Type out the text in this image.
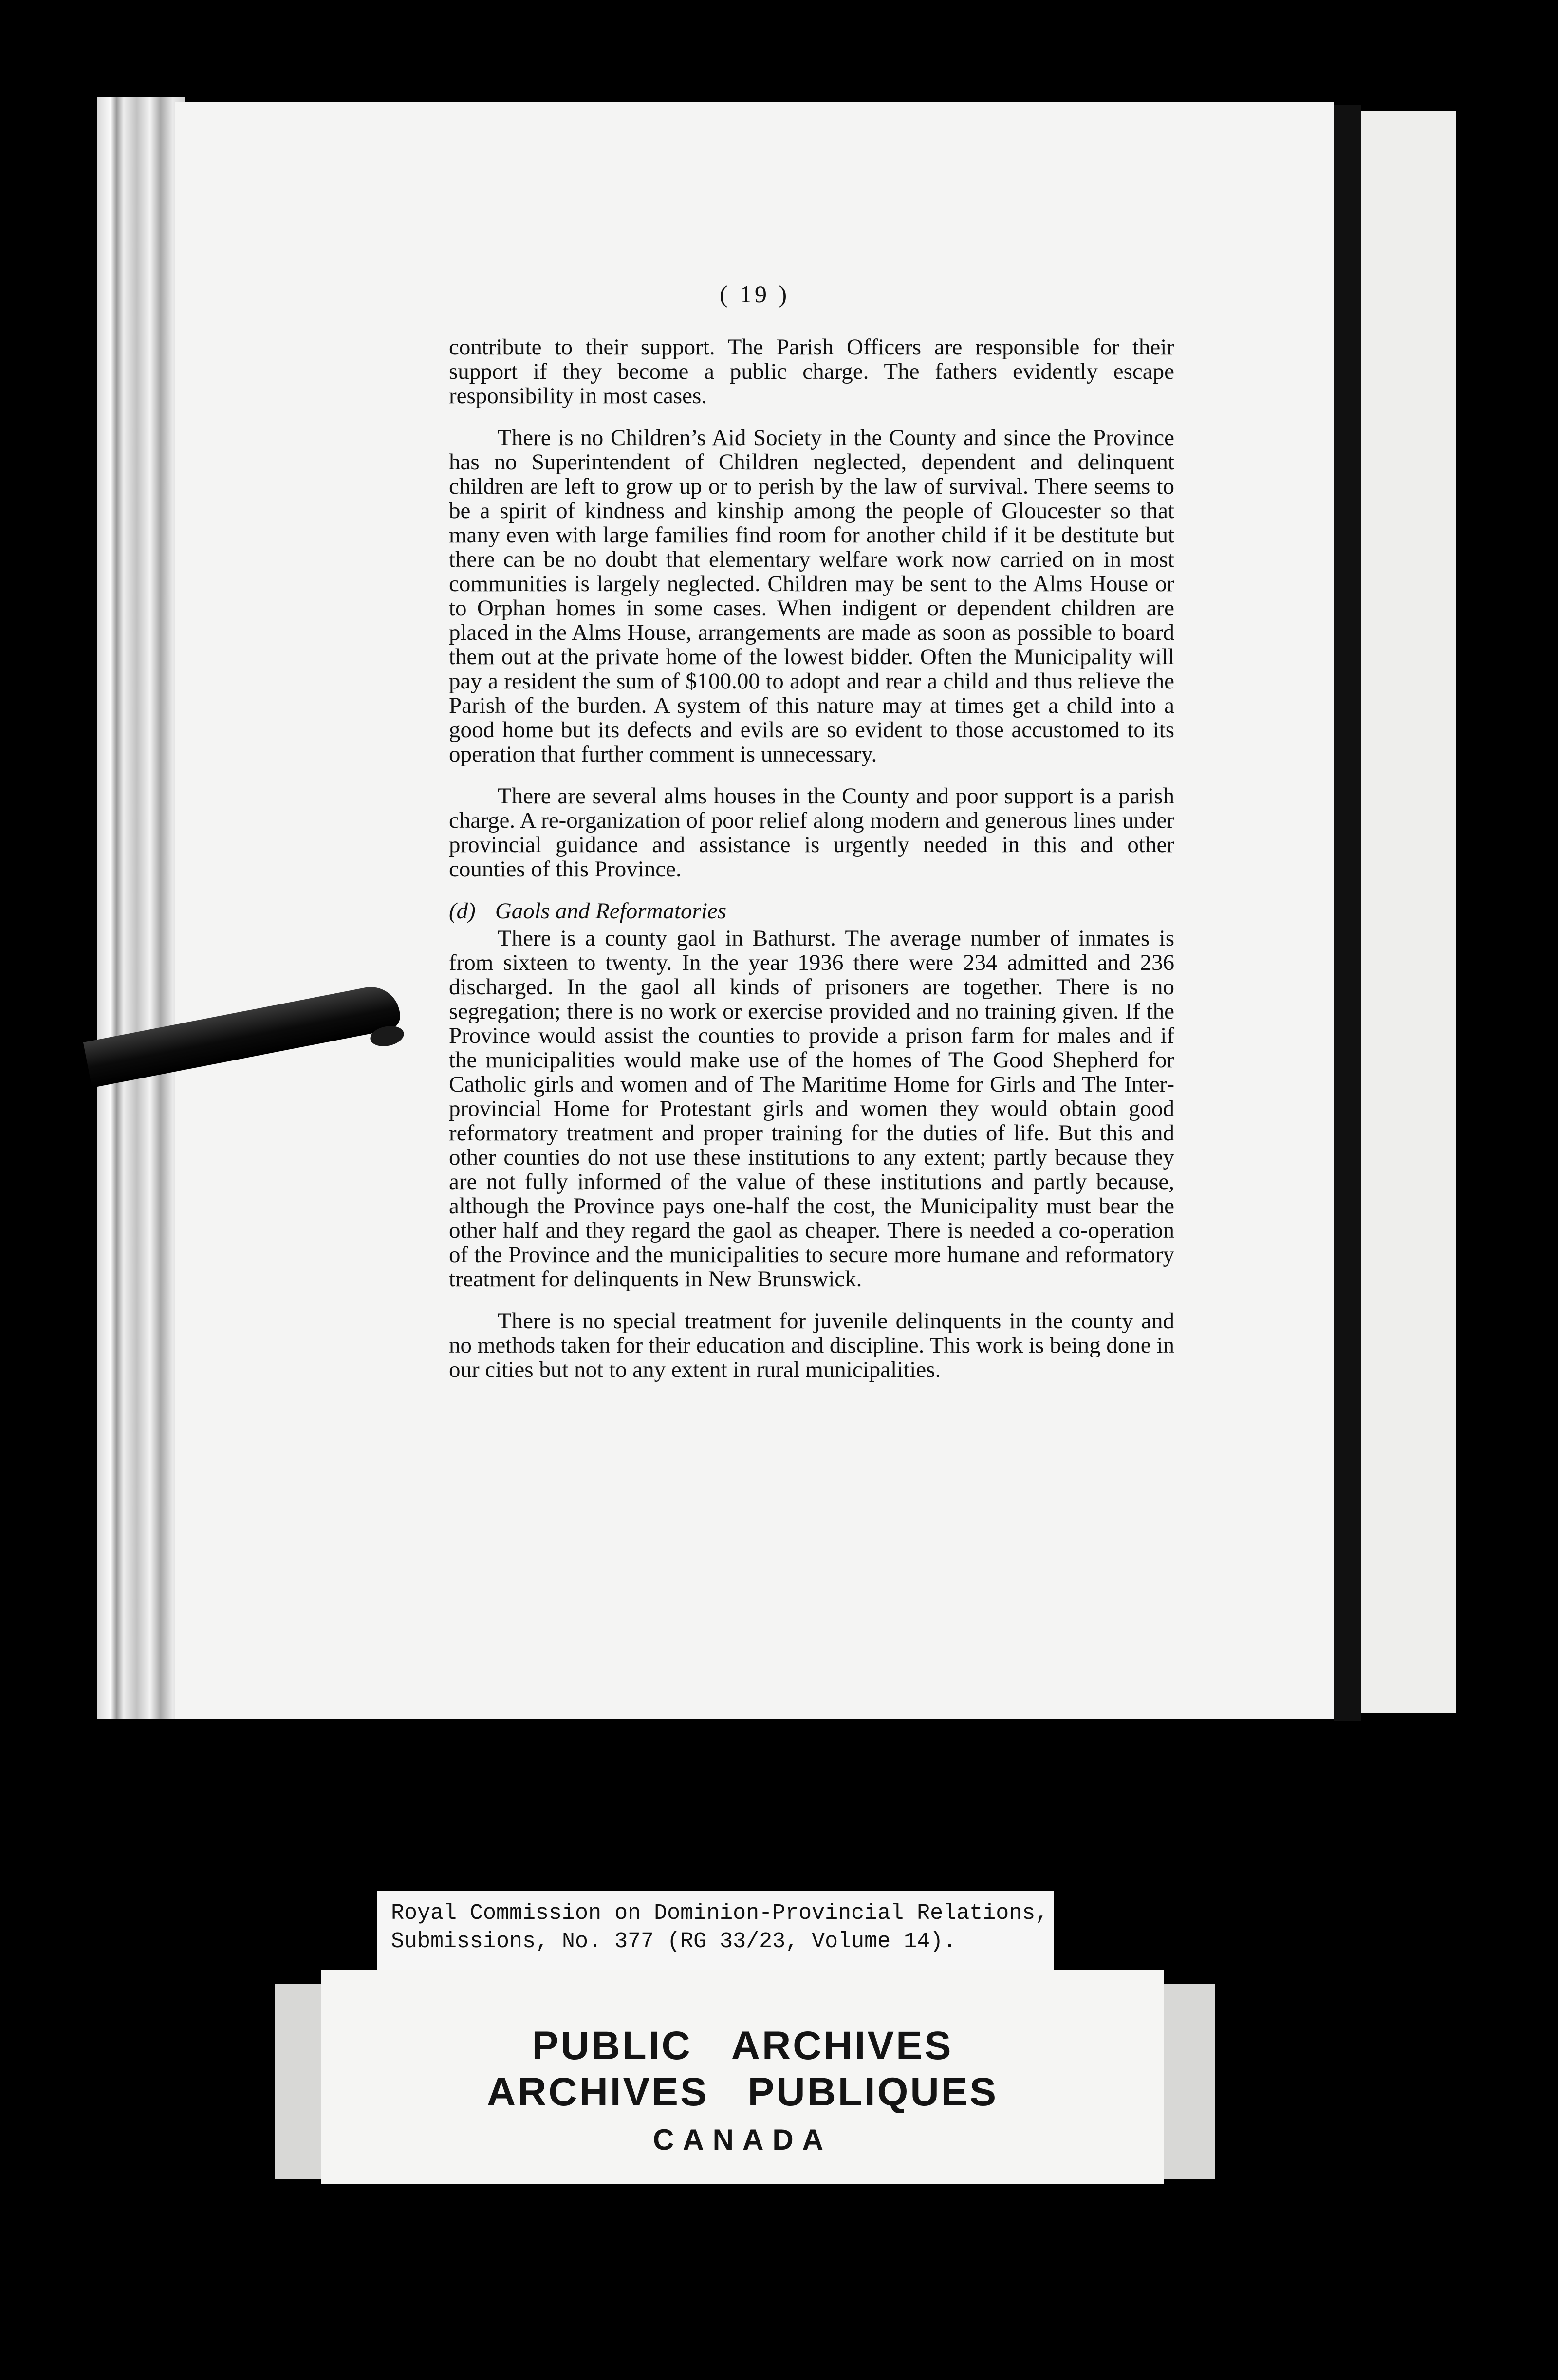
( 19 )

contribute to their support. The Parish Officers are responsible for their support if they become a public charge. The fathers evidently escape responsibility in most cases.

There is no Children’s Aid Society in the County and since the Province has no Superintendent of Children neglected, dependent and delinquent children are left to grow up or to perish by the law of survival. There seems to be a spirit of kindness and kinship among the people of Gloucester so that many even with large families find room for another child if it be destitute but there can be no doubt that elementary welfare work now carried on in most communities is largely neglected. Children may be sent to the Alms House or to Orphan homes in some cases. When indigent or dependent children are placed in the Alms House, arrangements are made as soon as possible to board them out at the private home of the lowest bidder. Often the Municipality will pay a resident the sum of $100.00 to adopt and rear a child and thus relieve the Parish of the burden. A system of this nature may at times get a child into a good home but its defects and evils are so evident to those accustomed to its operation that further comment is unnecessary.

There are several alms houses in the County and poor support is a parish charge. A re-organization of poor relief along modern and generous lines under provincial guidance and assistance is urgently needed in this and other counties of this Province.

(d) Gaols and Reformatories

There is a county gaol in Bathurst. The average number of inmates is from sixteen to twenty. In the year 1936 there were 234 admitted and 236 discharged. In the gaol all kinds of prisoners are together. There is no segregation; there is no work or exercise provided and no training given. If the Province would assist the counties to provide a prison farm for males and if the municipalities would make use of the homes of The Good Shepherd for Catholic girls and women and of The Maritime Home for Girls and The Inter-provincial Home for Protestant girls and women they would obtain good reformatory treatment and proper training for the duties of life. But this and other counties do not use these institutions to any extent; partly because they are not fully informed of the value of these institutions and partly because, although the Province pays one-half the cost, the Municipality must bear the other half and they regard the gaol as cheaper. There is needed a co-operation of the Province and the municipalities to secure more humane and reformatory treatment for delinquents in New Brunswick.

There is no special treatment for juvenile delinquents in the county and no methods taken for their education and discipline. This work is being done in our cities but not to any extent in rural municipalities.

Royal Commission on Dominion-Provincial Relations,
Submissions, No. 377 (RG 33/23, Volume 14).
PUBLIC ARCHIVES
ARCHIVES PUBLIQUES
CANADA
